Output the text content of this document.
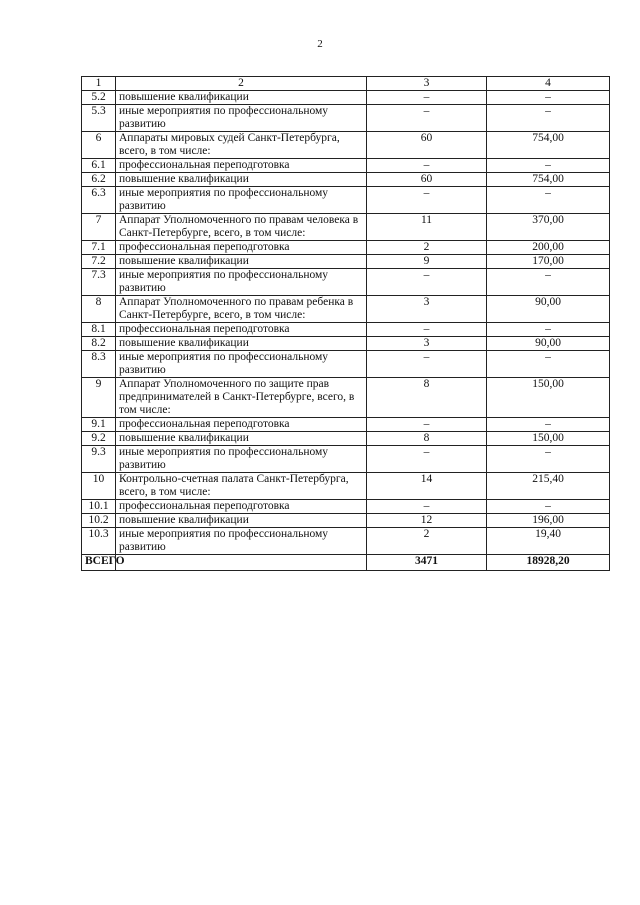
2
1	2	3	4
5.2	повышение квалификации	–	–
5.3	иные мероприятия по профессиональному развитию	–	–
6	Аппараты мировых судей Санкт-Петербурга, всего, в том числе:	60	754,00
6.1	профессиональная переподготовка	–	–
6.2	повышение квалификации	60	754,00
6.3	иные мероприятия по профессиональному развитию	–	–
7	Аппарат Уполномоченного по правам человека в Санкт-Петербурге, всего, в том числе:	11	370,00
7.1	профессиональная переподготовка	2	200,00
7.2	повышение квалификации	9	170,00
7.3	иные мероприятия по профессиональному развитию	–	–
8	Аппарат Уполномоченного по правам ребенка в Санкт-Петербурге, всего, в том числе:	3	90,00
8.1	профессиональная переподготовка	–	–
8.2	повышение квалификации	3	90,00
8.3	иные мероприятия по профессиональному развитию	–	–
9	Аппарат Уполномоченного по защите прав предпринимателей в Санкт-Петербурге, всего, в том числе:	8	150,00
9.1	профессиональная переподготовка	–	–
9.2	повышение квалификации	8	150,00
9.3	иные мероприятия по профессиональному развитию	–	–
10	Контрольно-счетная палата Санкт-Петербурга, всего, в том числе:	14	215,40
10.1	профессиональная переподготовка	–	–
10.2	повышение квалификации	12	196,00
10.3	иные мероприятия по профессиональному развитию	2	19,40
ВСЕГО		3471	18928,20
